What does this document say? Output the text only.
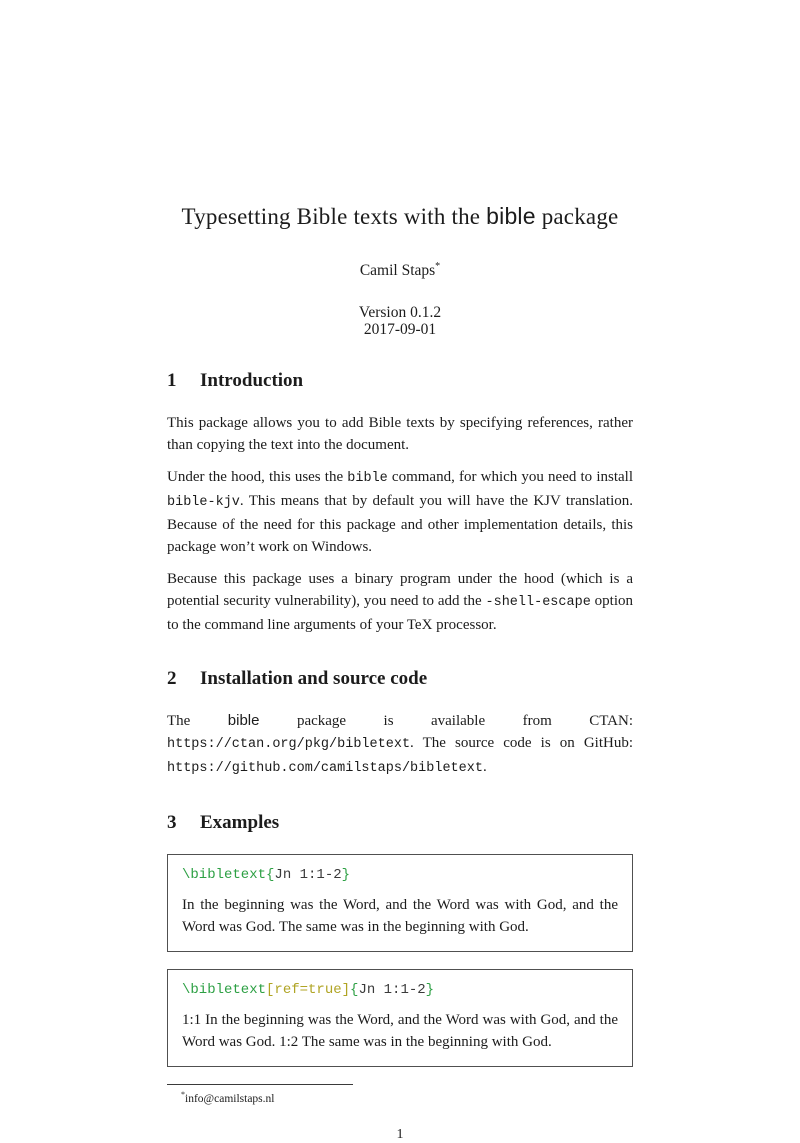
Typesetting Bible texts with the bible package
Camil Staps*
Version 0.1.2
2017-09-01
1 Introduction

This package allows you to add Bible texts by specifying references, rather than copying the text into the document.

Under the hood, this uses the bible command, for which you need to install bible-kjv. This means that by default you will have the KJV translation. Because of the need for this package and other implementation details, this package won’t work on Windows.

Because this package uses a binary program under the hood (which is a potential security vulnerability), you need to add the -shell-escape option to the command line arguments of your TeX processor.

2 Installation and source code

The bible package is available from CTAN: https://ctan.org/pkg/bibletext. The source code is on GitHub: https://github.com/camilstaps/bibletext.

3 Examples
\bibletext{Jn 1:1-2}

In the beginning was the Word, and the Word was with God, and the Word was God. The same was in the beginning with God.

\bibletext[ref=true]{Jn 1:1-2}

1:1 In the beginning was the Word, and the Word was with God, and the Word was God. 1:2 The same was in the beginning with God.

*info@camilstaps.nl
1
